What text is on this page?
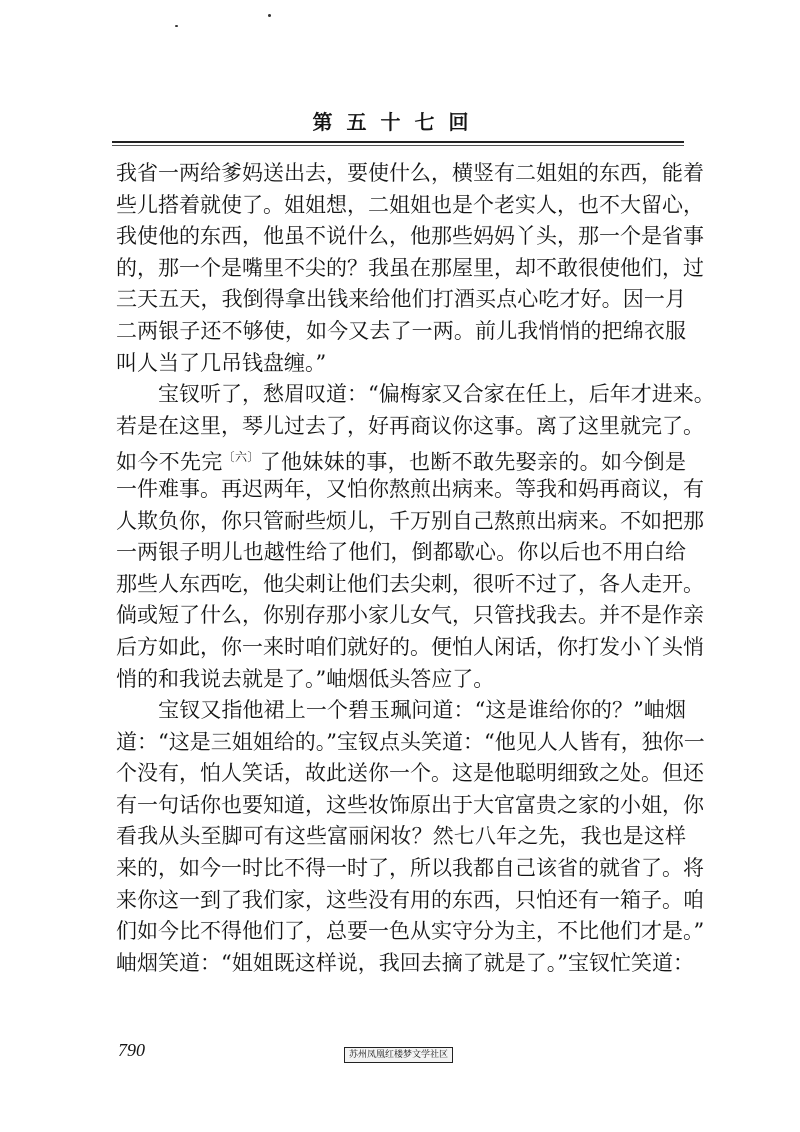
第五十七回
我省一两给爹妈送出去，要使什么，横竖有二姐姐的东西，能着
些儿搭着就使了。姐姐想，二姐姐也是个老实人，也不大留心，
我使他的东西，他虽不说什么，他那些妈妈丫头，那一个是省事
的，那一个是嘴里不尖的？我虽在那屋里，却不敢很使他们，过
三天五天，我倒得拿出钱来给他们打酒买点心吃才好。因一月
二两银子还不够使，如今又去了一两。前儿我悄悄的把绵衣服
叫人当了几吊钱盘缠。”
　　宝钗听了，愁眉叹道：“偏梅家又合家在任上，后年才进来。
若是在这里，琴儿过去了，好再商议你这事。离了这里就完了。
如今不先完$^{〔六〕}$了他妹妹的事，也断不敢先娶亲的。如今倒是
一件难事。再迟两年，又怕你熬煎出病来。等我和妈再商议，有
人欺负你，你只管耐些烦儿，千万别自己熬煎出病来。不如把那
一两银子明儿也越性给了他们，倒都歇心。你以后也不用白给
那些人东西吃，他尖刺让他们去尖刺，很听不过了，各人走开。
倘或短了什么，你别存那小家儿女气，只管找我去。并不是作亲
后方如此，你一来时咱们就好的。便怕人闲话，你打发小丫头悄
悄的和我说去就是了。”岫烟低头答应了。
　　宝钗又指他裙上一个碧玉珮问道：“这是谁给你的？”岫烟
道：“这是三姐姐给的。”宝钗点头笑道：“他见人人皆有，独你一
个没有，怕人笑话，故此送你一个。这是他聪明细致之处。但还
有一句话你也要知道，这些妆饰原出于大官富贵之家的小姐，你
看我从头至脚可有这些富丽闲妆？然七八年之先，我也是这样
来的，如今一时比不得一时了，所以我都自己该省的就省了。将
来你这一到了我们家，这些没有用的东西，只怕还有一箱子。咱
们如今比不得他们了，总要一色从实守分为主，不比他们才是。”
岫烟笑道：“姐姐既这样说，我回去摘了就是了。”宝钗忙笑道：
790	苏州凤凰红楼梦文学社区
